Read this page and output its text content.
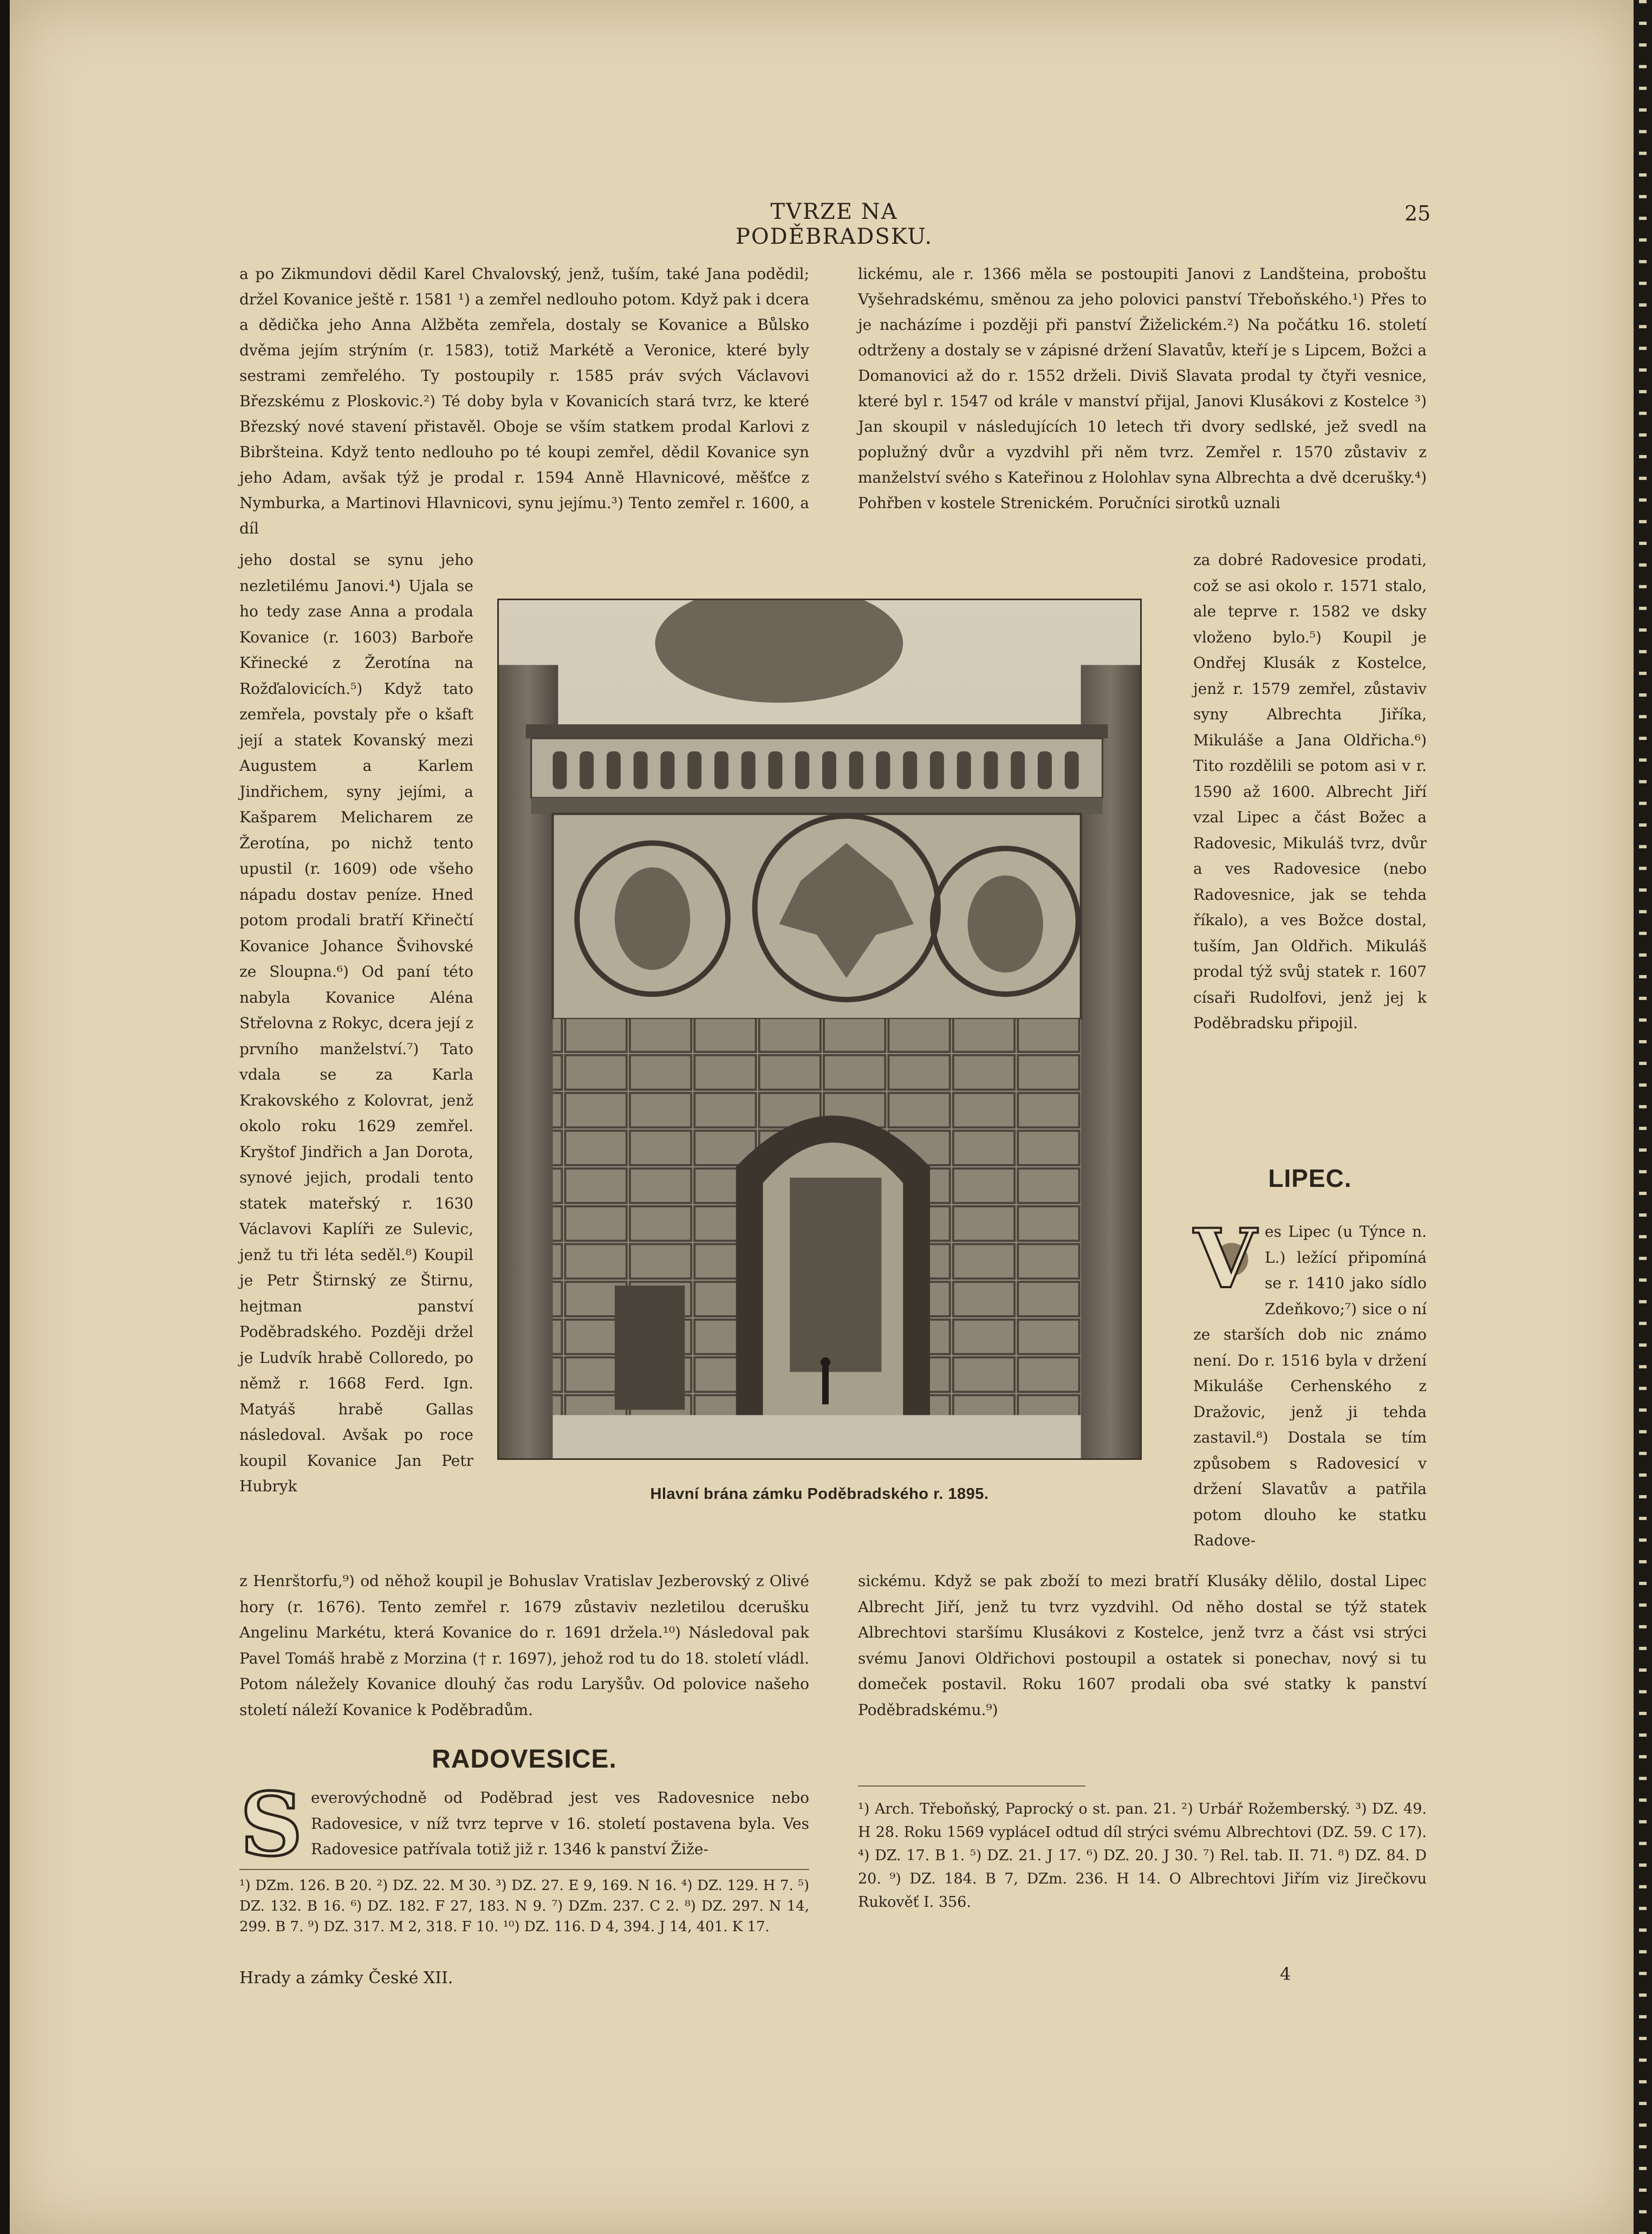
TVRZE NA PODĚBRADSKU.
25

a po Zikmundovi dědil Karel Chvalovský, jenž, tuším, také Jana podědil; držel Kovanice ještě r. 1581 ¹) a zemřel nedlouho potom. Když pak i dcera a dědička jeho Anna Alžběta zemřela, dostaly se Kovanice a Bůlsko dvěma jejím strýním (r. 1583), totiž Markétě a Veronice, které byly sestrami zemřelého. Ty postoupily r. 1585 práv svých Václavovi Březskému z Ploskovic.²) Té doby byla v Kovanicích stará tvrz, ke které Březský nové stavení přistavěl. Oboje se vším statkem prodal Karlovi z Bibršteina. Když tento nedlouho po té koupi zemřel, dědil Kovanice syn jeho Adam, avšak týž je prodal r. 1594 Anně Hlavnicové, měšťce z Nymburka, a Martinovi Hlavnicovi, synu jejímu.³) Tento zemřel r. 1600, a díl

jeho dostal se synu jeho nezletilému Janovi.⁴) Ujala se ho tedy zase Anna a prodala Kovanice (r. 1603) Barboře Křinecké z Žerotína na Rožďalovicích.⁵) Když tato zemřela, povstaly pře o kšaft její a statek Kovanský mezi Augustem a Karlem Jindřichem, syny jejími, a Kašparem Melicharem ze Žerotína, po nichž tento upustil (r. 1609) ode všeho nápadu dostav peníze. Hned potom prodali bratří Křinečtí Kovanice Johance Švihovské ze Sloupna.⁶) Od paní této nabyla Kovanice Aléna Střelovna z Rokyc, dcera její z prvního manželství.⁷) Tato vdala se za Karla Krakovského z Kolovrat, jenž okolo roku 1629 zemřel. Kryštof Jindřich a Jan Dorota, synové jejich, prodali tento statek mateřský r. 1630 Václavovi Kaplíři ze Sulevic, jenž tu tři léta seděl.⁸) Koupil je Petr Štirnský ze Štirnu, hejtman panství Poděbradského. Později držel je Ludvík hrabě Colloredo, po němž r. 1668 Ferd. Ign. Matyáš hrabě Gallas následoval. Avšak po roce koupil Kovanice Jan Petr Hubryk	Hlavní brána zámku Poděbradského r. 1895.
z Henrštorfu,⁹) od něhož koupil je Bohuslav Vratislav Jezberovský z Olivé hory (r. 1676). Tento zemřel r. 1679 zůstaviv nezletilou dcerušku Angelinu Markétu, která Kovanice do r. 1691 držela.¹⁰) Následoval pak Pavel Tomáš hrabě z Morzina († r. 1697), jehož rod tu do 18. století vládl. Potom náležely Kovanice dlouhý čas rodu Laryšův. Od polovice našeho století náleží Kovanice k Poděbradům.
RADOVESICE.
S everovýchodně od Poděbrad jest ves Radovesnice nebo Radovesice, v níž tvrz teprve v 16. století postavena byla. Ves Radovesice patřívala totiž již r. 1346 k panství Žiže-
¹) DZm. 126. B 20. ²) DZ. 22. M 30. ³) DZ. 27. E 9, 169. N 16. ⁴) DZ. 129. H 7. ⁵) DZ. 132. B 16. ⁶) DZ. 182. F 27, 183. N 9. ⁷) DZm. 237. C 2. ⁸) DZ. 297. N 14, 299. B 7. ⁹) DZ. 317. M 2, 318. F 10. ¹⁰) DZ. 116. D 4, 394. J 14, 401. K 17.
Hrady a zámky České XII.

lickému, ale r. 1366 měla se postoupiti Janovi z Landšteina, proboštu Vyšehradskému, směnou za jeho polovici panství Třeboňského.¹) Přes to je nacházíme i později při panství Žiželickém.²) Na počátku 16. století odtrženy a dostaly se v zápisné držení Slavatův, kteří je s Lipcem, Božci a Domanovici až do r. 1552 drželi. Diviš Slavata prodal ty čtyři vesnice, které byl r. 1547 od krále v manství přijal, Janovi Klusákovi z Kostelce ³) Jan skoupil v následujících 10 letech tři dvory sedlské, jež svedl na poplužný dvůr a vyzdvihl při něm tvrz. Zemřel r. 1570 zůstaviv z manželství svého s Kateřinou z Holohlav syna Albrechta a dvě dcerušky.⁴) Pohřben v kostele Strenickém. Poručníci sirotků uznali

za dobré Radovesice prodati, což se asi okolo r. 1571 stalo, ale teprve r. 1582 ve dsky vloženo bylo.⁵) Koupil je Ondřej Klusák z Kostelce, jenž r. 1579 zemřel, zůstaviv syny Albrechta Jiříka, Mikuláše a Jana Oldřicha.⁶) Tito rozdělili se potom asi v r. 1590 až 1600. Albrecht Jiří vzal Lipec a část Božec a Radovesic, Mikuláš tvrz, dvůr a ves Radovesice (nebo Radovesnice, jak se tehda říkalo), a ves Božce dostal, tuším, Jan Oldřich. Mikuláš prodal týž svůj statek r. 1607 císaři Rudolfovi, jenž jej k Poděbradsku připojil.
LIPEC.
V es Lipec (u Týnce n. L.) ležící připomíná se r. 1410 jako sídlo Zdeňkovo;⁷) sice o ní ze starších dob nic známo není. Do r. 1516 byla v držení Mikuláše Cerhenského z Dražovic, jenž ji tehda zastavil.⁸) Dostala se tím způsobem s Radovesicí v držení Slavatův a patřila potom dlouho ke statku Radove-
sickému. Když se pak zboží to mezi bratří Klusáky dělilo, dostal Lipec Albrecht Jiří, jenž tu tvrz vyzdvihl. Od něho dostal se týž statek Albrechtovi staršímu Klusákovi z Kostelce, jenž tvrz a část vsi strýci svému Janovi Oldřichovi postoupil a ostatek si ponechav, nový si tu domeček postavil. Roku 1607 prodali oba své statky k panství Poděbradskému.⁹)
¹) Arch. Třeboňský, Paprocký o st. pan. 21. ²) Urbář Rožemberský. ³) DZ. 49. H 28. Roku 1569 vypláceI odtud díl strýci svému Albrechtovi (DZ. 59. C 17). ⁴) DZ. 17. B 1. ⁵) DZ. 21. J 17. ⁶) DZ. 20. J 30. ⁷) Rel. tab. II. 71. ⁸) DZ. 84. D 20. ⁹) DZ. 184. B 7, DZm. 236. H 14. O Albrechtovi Jiřím viz Jirečkovu Rukověť I. 356.
4
